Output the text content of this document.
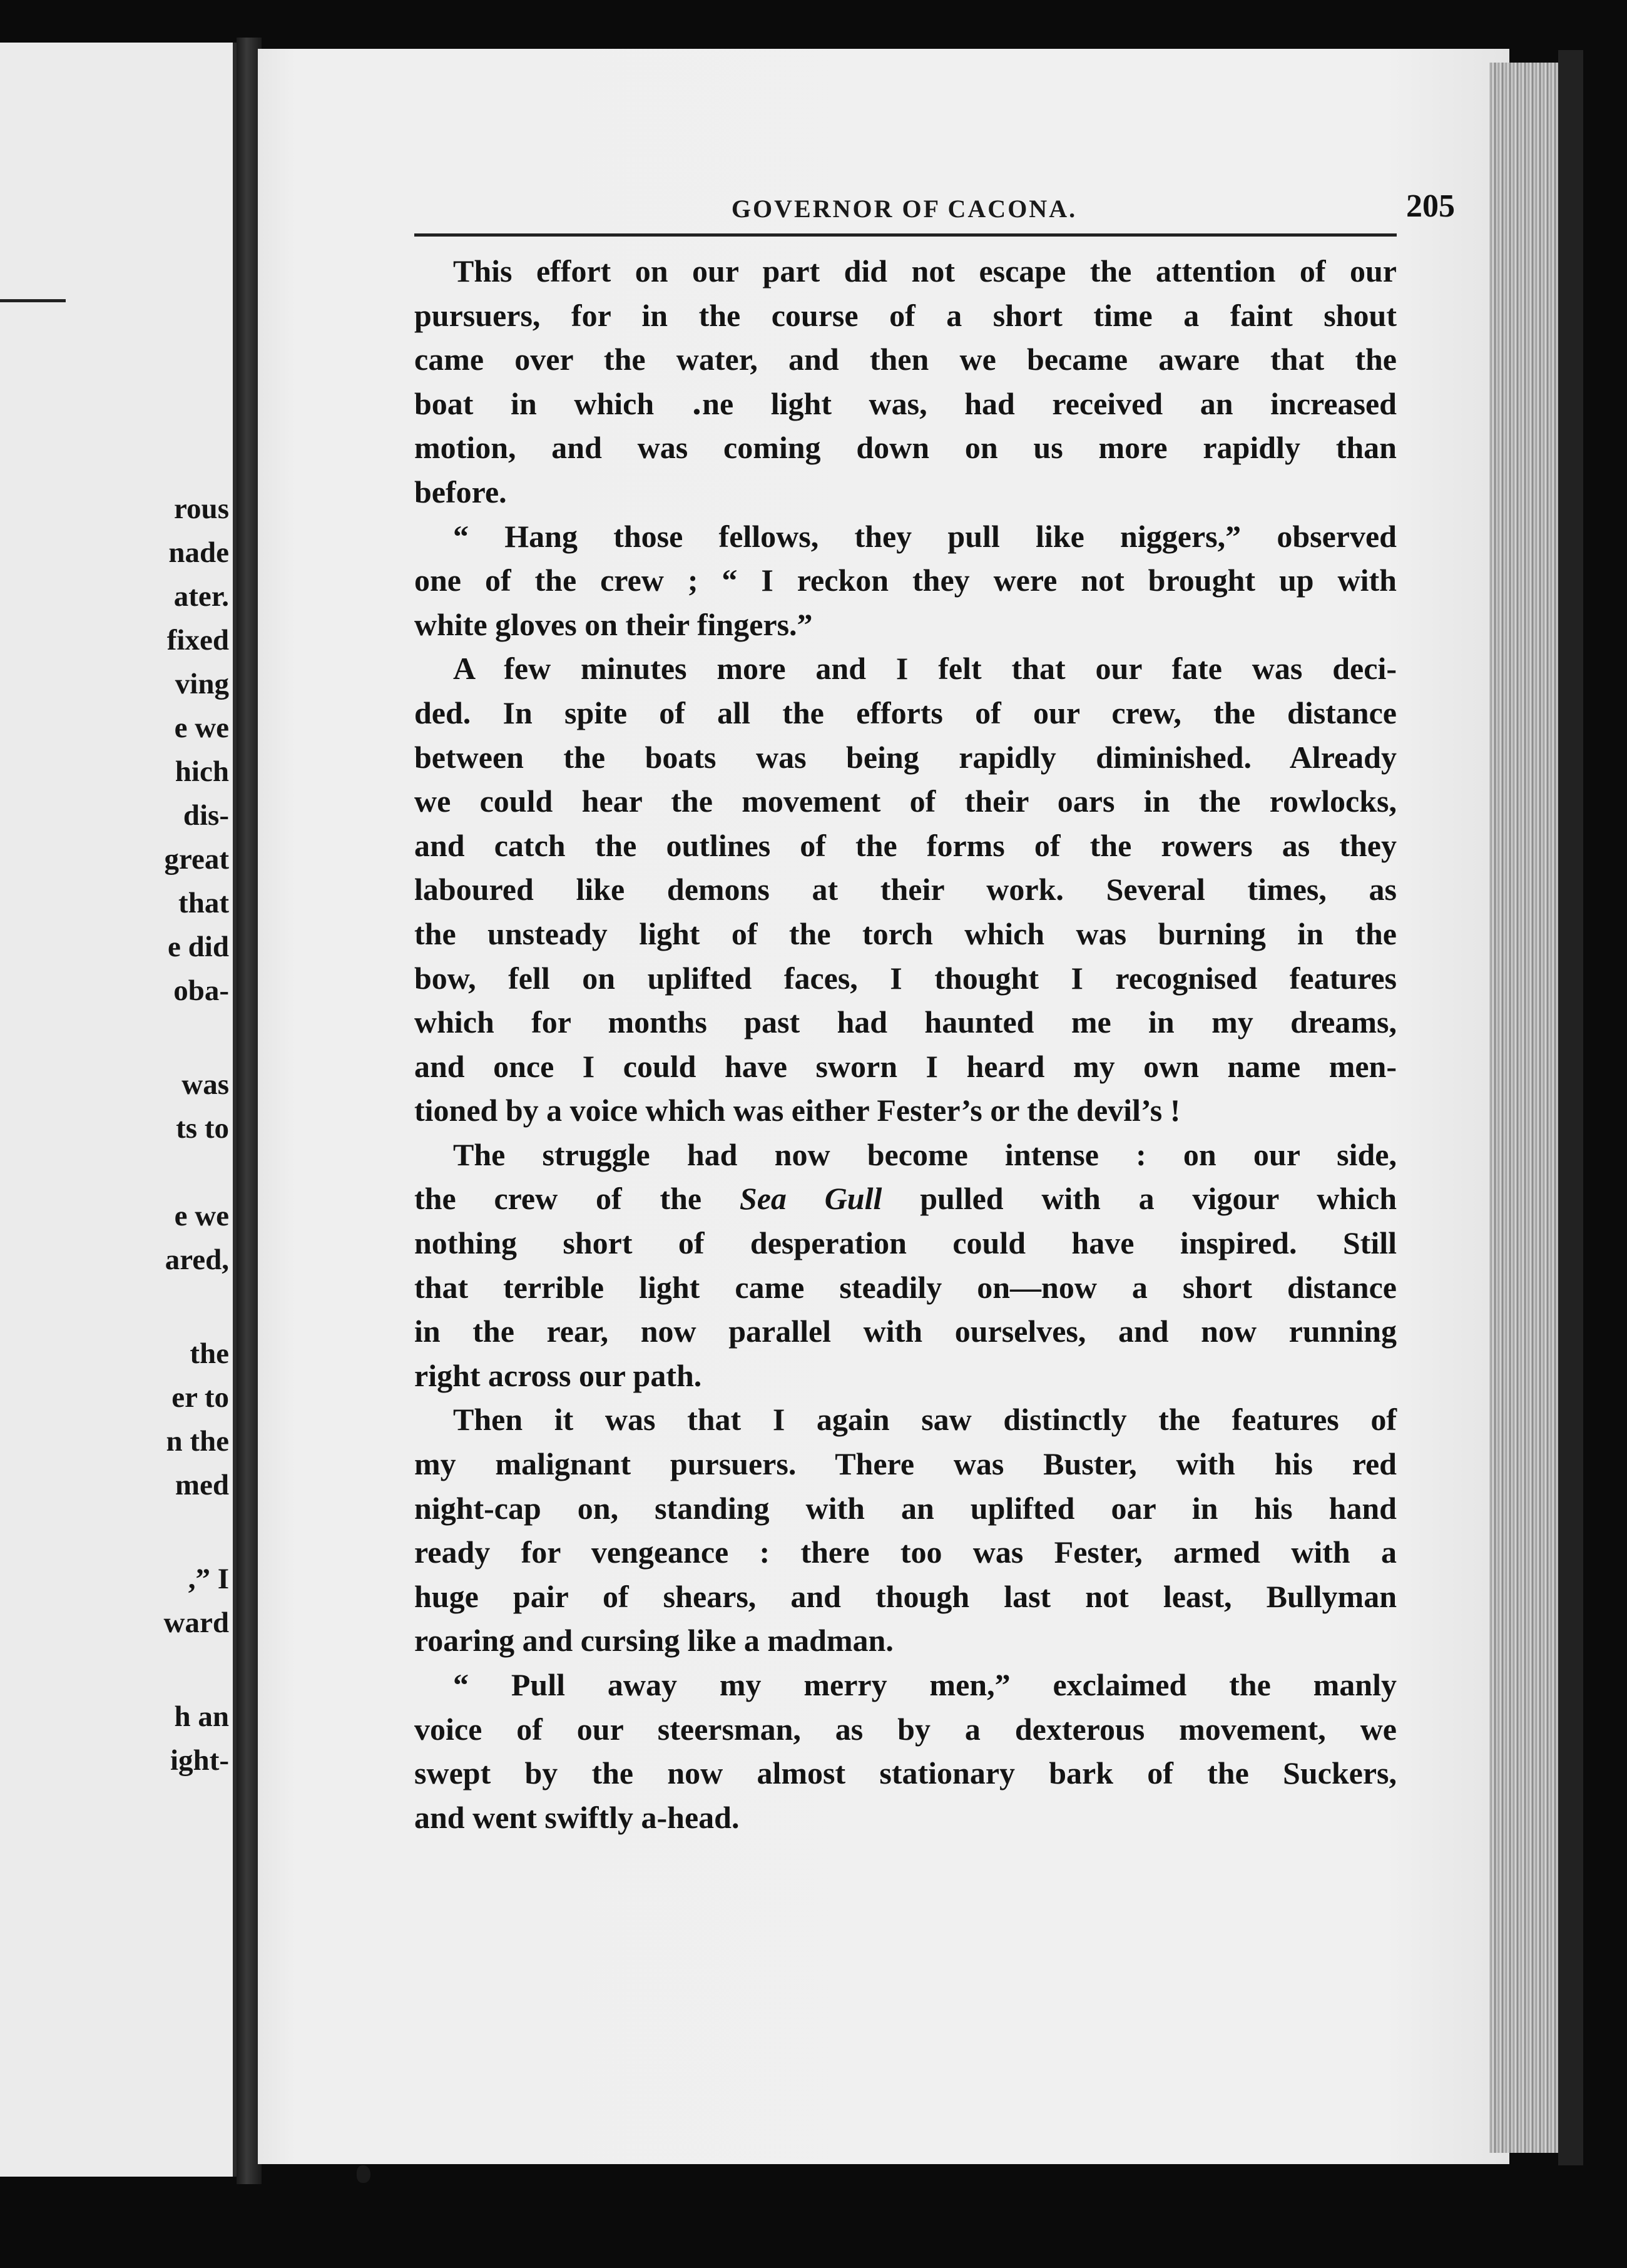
rous
nade
ater.
fixed
ving
e we
hich
dis-
great
that
e did
oba-
was
ts to
e we
ared,
the
er to
n the
med
,” I
ward
h an
ight-
GOVERNOR OF CACONA.	205
This effort on our part did not escape the attention of our
pursuers, for in the course of a short time a faint shout
came over the water, and then we became aware that the
boat in which ․ne light was, had received an increased
motion, and was coming down on us more rapidly than
before.
“ Hang those fellows, they pull like niggers,” observed
one of the crew ; “ I reckon they were not brought up with
white gloves on their fingers.”
A few minutes more and I felt that our fate was deci-
ded. In spite of all the efforts of our crew, the distance
between the boats was being rapidly diminished. Already
we could hear the movement of their oars in the rowlocks,
and catch the outlines of the forms of the rowers as they
laboured like demons at their work. Several times, as
the unsteady light of the torch which was burning in the
bow, fell on uplifted faces, I thought I recognised features
which for months past had haunted me in my dreams,
and once I could have sworn I heard my own name men-
tioned by a voice which was either Fester’s or the devil’s !
The struggle had now become intense : on our side,
the crew of the Sea Gull pulled with a vigour which
nothing short of desperation could have inspired. Still
that terrible light came steadily on—now a short distance
in the rear, now parallel with ourselves, and now running
right across our path.
Then it was that I again saw distinctly the features of
my malignant pursuers. There was Buster, with his red
night-cap on, standing with an uplifted oar in his hand
ready for vengeance : there too was Fester, armed with a
huge pair of shears, and though last not least, Bullyman
roaring and cursing like a madman.
“ Pull away my merry men,” exclaimed the manly
voice of our steersman, as by a dexterous movement, we
swept by the now almost stationary bark of the Suckers,
and went swiftly a-head.
